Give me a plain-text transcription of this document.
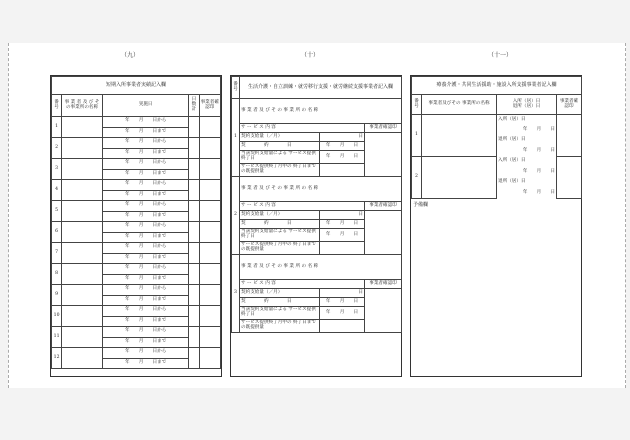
（九）
短期入所事業者実績記入欄				
番号	事 業 者 及 び その事業所の名称	実施日	日
数
計	事業者確認印
1		年　　月　　日から		
		年　　月　　日まで		
2		年　　月　　日から		
		年　　月　　日まで		
3		年　　月　　日から		
		年　　月　　日まで		
4		年　　月　　日から		
		年　　月　　日まで		
5		年　　月　　日から		
		年　　月　　日まで		
6		年　　月　　日から		
		年　　月　　日まで		
7		年　　月　　日から		
		年　　月　　日まで		
8		年　　月　　日から		
		年　　月　　日まで		
9		年　　月　　日から		
		年　　月　　日まで		
10		年　　月　　日から		
		年　　月　　日まで		
11		年　　月　　日から		
		年　　月　　日まで		
12		年　　月　　日から		
		年　　月　　日まで		
（十）
番号	生活介護・自立訓練・就労移行支援・就労継続支援事業者記入欄		
1	事 業 者 及 び そ の 事 業 所 の 名 称		
	サ ー ビ ス 内 容		事業者確認印
	契約支給量（／月）	日	
	契　　　　約　　　　日	年　　月　　日	
	当該契約支給量による サービス提供終了日	年　　月　　日	
	サービス提供終了月中の 終了日までの既提供量		
2	事 業 者 及 び そ の 事 業 所 の 名 称		
	サ ー ビ ス 内 容		事業者確認印
	契約支給量（／月）	日	
	契　　　　約　　　　日	年　　月　　日	
	当該契約支給量による サービス提供終了日	年　　月　　日	
	サービス提供終了月中の 終了日までの既提供量		
3	事 業 者 及 び そ の 事 業 所 の 名 称		
	サ ー ビ ス 内 容		事業者確認印
	契約支給量（／月）	日	
	契　　　　約　　　　日	年　　月　　日	
	当該契約支給量による サービス提供終了日	年　　月　　日	
	サービス提供終了月中の 終了日までの既提供量		
（十一）
療養介護・共同生活援助・施設入所支援事業者記入欄			
番号	事業者及びその 事業所の名称	入所（居）日
退所（居）日	事業者確認印
1		入所（居）日	
		年　　月　　日	
		退所（居）日	
		年　　月　　日	
2		入所（居）日	
		年　　月　　日	
		退所（居）日	
		年　　月　　日	
予備欄
